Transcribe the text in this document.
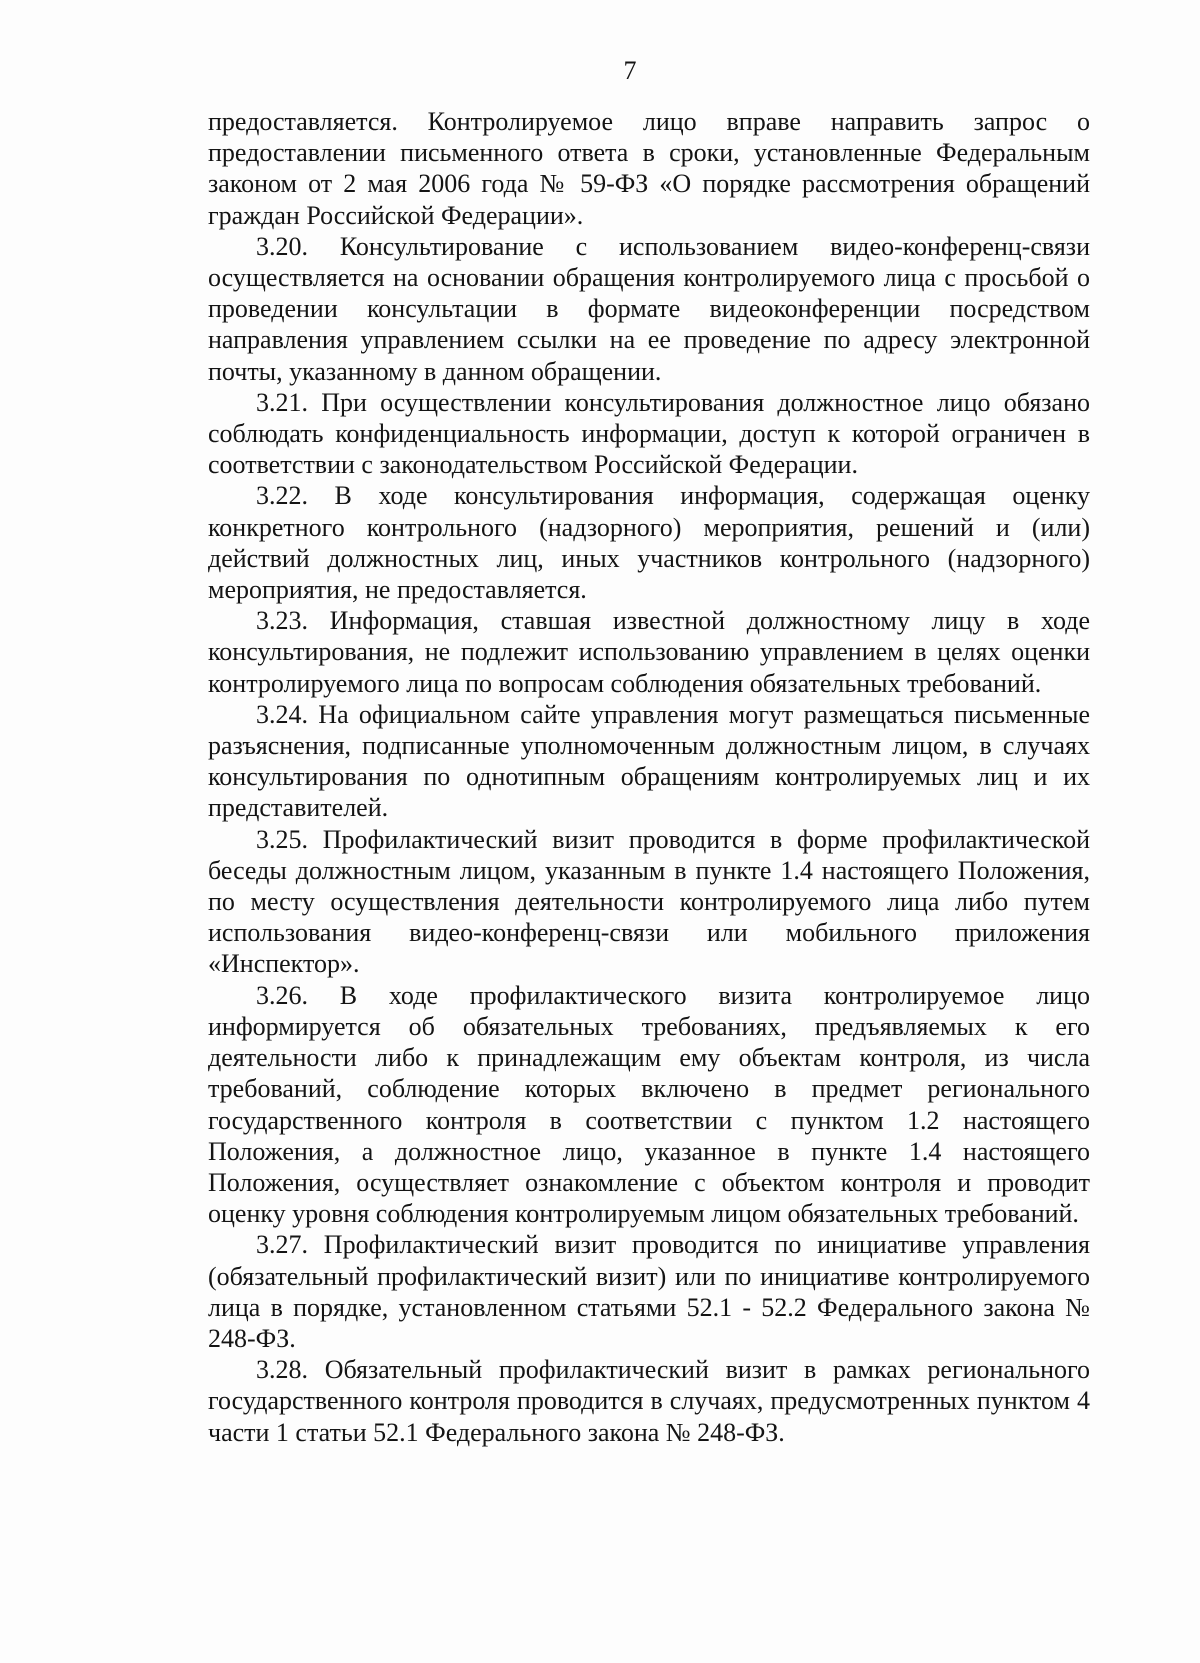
7

предоставляется. Контролируемое лицо вправе направить запрос о предоставлении письменного ответа в сроки, установленные Федеральным законом от 2 мая 2006 года № 59-ФЗ «О порядке рассмотрения обращений граждан Российской Федерации».

3.20. Консультирование с использованием видео-конференц-связи осуществляется на основании обращения контролируемого лица с просьбой о проведении консультации в формате видеоконференции посредством направления управлением ссылки на ее проведение по адресу электронной почты, указанному в данном обращении.

3.21. При осуществлении консультирования должностное лицо обязано соблюдать конфиденциальность информации, доступ к которой ограничен в соответствии с законодательством Российской Федерации.

3.22. В ходе консультирования информация, содержащая оценку конкретного контрольного (надзорного) мероприятия, решений и (или) действий должностных лиц, иных участников контрольного (надзорного) мероприятия, не предоставляется.

3.23. Информация, ставшая известной должностному лицу в ходе консультирования, не подлежит использованию управлением в целях оценки контролируемого лица по вопросам соблюдения обязательных требований.

3.24. На официальном сайте управления могут размещаться письменные разъяснения, подписанные уполномоченным должностным лицом, в случаях консультирования по однотипным обращениям контролируемых лиц и их представителей.

3.25. Профилактический визит проводится в форме профилактической беседы должностным лицом, указанным в пункте 1.4 настоящего Положения, по месту осуществления деятельности контролируемого лица либо путем использования видео-конференц-связи или мобильного приложения «Инспектор».

3.26. В ходе профилактического визита контролируемое лицо информируется об обязательных требованиях, предъявляемых к его деятельности либо к принадлежащим ему объектам контроля, из числа требований, соблюдение которых включено в предмет регионального государственного контроля в соответствии с пунктом 1.2 настоящего Положения, а должностное лицо, указанное в пункте 1.4 настоящего Положения, осуществляет ознакомление с объектом контроля и проводит оценку уровня соблюдения контролируемым лицом обязательных требований.

3.27. Профилактический визит проводится по инициативе управления (обязательный профилактический визит) или по инициативе контролируемого лица в порядке, установленном статьями 52.1 - 52.2 Федерального закона № 248-ФЗ.

3.28. Обязательный профилактический визит в рамках регионального государственного контроля проводится в случаях, предусмотренных пунктом 4 части 1 статьи 52.1 Федерального закона № 248-ФЗ.
